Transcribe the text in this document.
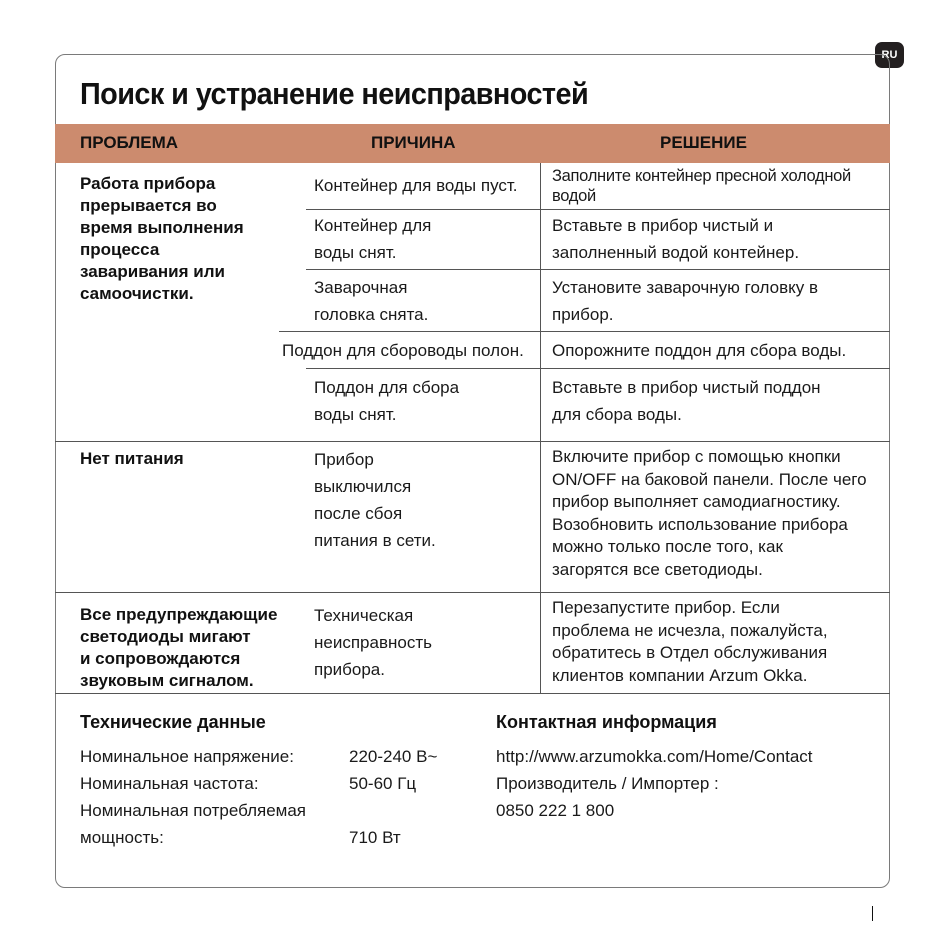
RU
Поиск и устранение неисправностей
ПРОБЛЕМА	ПРИЧИНА	РЕШЕНИЕ
Работа прибора
прерывается во
время выполнения
процесса
заваривания или
самоочистки.
Нет питания
Все предупреждающие
светодиоды мигают
и сопровождаются
звуковым сигналом.
Контейнер для воды пуст. Заполните контейнер пресной холодной
водой
Контейнер для
воды снят.
Вставьте в прибор чистый и
заполненный водой контейнер.
Заварочная
головка снята.
Установите заварочную головку в
прибор.
Поддон для сбороводы полон. Опорожните поддон для сбора воды.
Поддон для сбора
воды снят.
Вставьте в прибор чистый поддон
для сбора воды.
Прибор
выключился
после сбоя
питания в сети.
Включите прибор с помощью кнопки
ON/OFF на баковой панели. После чего
прибор выполняет самодиагностику.
Возобновить использование прибора
можно только после того, как
загорятся все светодиоды.
Техническая
неисправность
прибора.
Перезапустите прибор. Если
проблема не исчезла, пожалуйста,
обратитесь в Отдел обслуживания
клиентов компании Arzum Okka.
Технические данные
Номинальное напряжение:
Номинальная частота:
Номинальная потребляемая
мощность:
220-240 В~
50-60 Гц

710 Вт
Контактная информация
http://www.arzumokka.com/Home/Contact
Производитель / Импортер :
0850 222 1 800
